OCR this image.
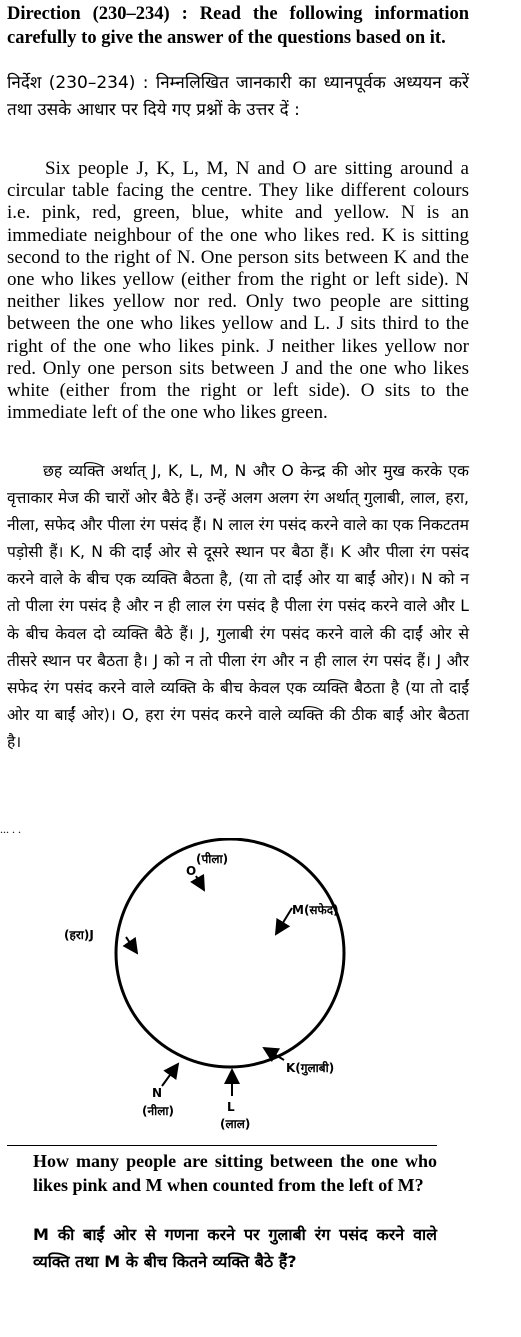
Direction (230–234) : Read the following information carefully to give the answer of the questions based on it.
निर्देश (230–234) : निम्नलिखित जानकारी का ध्यानपूर्वक अध्ययन करें तथा उसके आधार पर दिये गए प्रश्नों के उत्तर दें :
Six people J, K, L, M, N and O are sitting around a circular table facing the centre. They like different colours i.e. pink, red, green, blue, white and yellow. N is an immediate neighbour of the one who likes red. K is sitting second to the right of N. One person sits between K and the one who likes yellow (either from the right or left side). N neither likes yellow nor red. Only two people are sitting between the one who likes yellow and L. J sits third to the right of the one who likes pink. J neither likes yellow nor red. Only one person sits between J and the one who likes white (either from the right or left side). O sits to the immediate left of the one who likes green.
छह व्यक्ति अर्थात् J, K, L, M, N और O केन्द्र की ओर मुख करके एक वृत्ताकार मेज की चारों ओर बैठे हैं। उन्हें अलग अलग रंग अर्थात् गुलाबी, लाल, हरा, नीला, सफेद और पीला रंग पसंद हैं। N लाल रंग पसंद करने वाले का एक निकटतम पड़ोसी हैं। K, N की दाईं ओर से दूसरे स्थान पर बैठा हैं। K और पीला रंग पसंद करने वाले के बीच एक व्यक्ति बैठता है, (या तो दाईं ओर या बाईं ओर)। N को न तो पीला रंग पसंद है और न ही लाल रंग पसंद है पीला रंग पसंद करने वाले और L के बीच केवल दो व्यक्ति बैठे हैं। J, गुलाबी रंग पसंद करने वाले की दाईं ओर से तीसरे स्थान पर बैठता है। J को न तो पीला रंग और न ही लाल रंग पसंद हैं। J और सफेद रंग पसंद करने वाले व्यक्ति के बीच केवल एक व्यक्ति बैठता है (या तो दाईं ओर या बाईं ओर)। O, हरा रंग पसंद करने वाले व्यक्ति की ठीक बाईं ओर बैठता है।
... . .
O
(पीला)
M(सफेद)
(हरा)J
K(गुलाबी)
N
(नीला)	L
(लाल)
How many people are sitting between the one who likes pink and M when counted from the left of M?
M की बाईं ओर से गणना करने पर गुलाबी रंग पसंद करने वाले व्यक्ति तथा M के बीच कितने व्यक्ति बैठे हैं?
